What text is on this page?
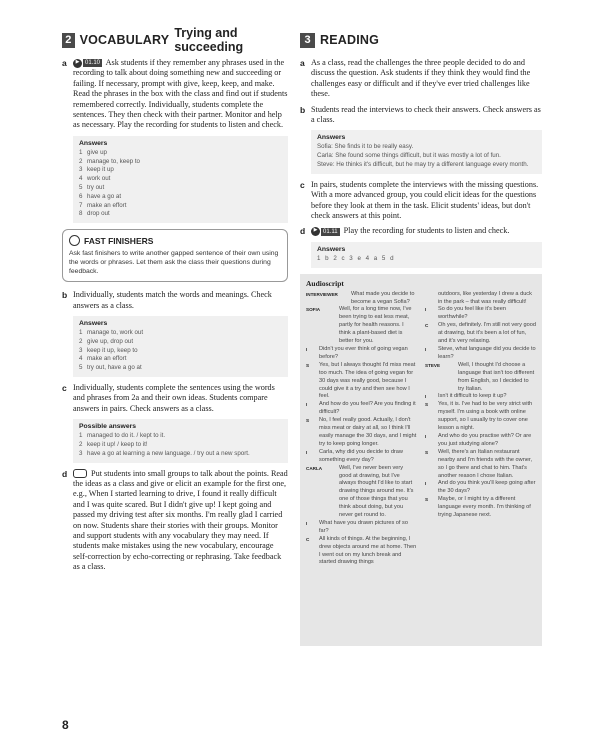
2 VOCABULARY Trying and succeeding
a	▶ 01.10 Ask students if they remember any phrases used in the recording to talk about doing something new and succeeding or failing. If necessary, prompt with give, keep, keep, and make. Read the phrases in the box with the class and find out if students remembered correctly. Individually, students complete the sentences. They then check with their partner. Monitor and help as necessary. Play the recording for students to listen and check.
Answers
1 give up
2 manage to, keep to
3 keep it up
4 work out
5 try out
6 have a go at
7 make an effort
8 drop out
FAST FINISHERS
Ask fast finishers to write another gapped sentence of their own using the words or phrases. Let them ask the class their questions during feedback.
b Individually, students match the words and meanings. Check answers as a class.
Answers
1 manage to, work out
2 give up, drop out
3 keep it up, keep to
4 make an effort
5 try out, have a go at
c Individually, students complete the sentences using the words and phrases from 2a and their own ideas. Students compare answers in pairs. Check answers as a class.
Possible answers
1 managed to do it. / kept to it.
2 keep it up! / keep to it!
3 have a go at learning a new language. / try out a new sport.
d	Put students into small groups to talk about the points. Read the ideas as a class and give or elicit an example for the first one, e.g., When I started learning to drive, I found it really difficult and I was quite scared. But I didn't give up! I kept going and passed my driving test after six months. I'm really glad I carried on now. Students share their stories with their groups. Monitor and support students with any vocabulary they may need. If students make mistakes using the new vocabulary, encourage self-correction by echo-correcting or rephrasing. Take feedback as a class.
3 READING
a As a class, read the challenges the three people decided to do and discuss the question. Ask students if they think they would find the challenges easy or difficult and if they've ever tried challenges like these.
b Students read the interviews to check their answers. Check answers as a class.
Answers
Sofia: She finds it to be really easy.
Carla: She found some things difficult, but it was mostly a lot of fun.
Steve: He thinks it's difficult, but he may try a different language every month.
c In pairs, students complete the interviews with the missing questions. With a more advanced group, you could elicit ideas for the questions before they look at them in the task. Elicit students' ideas, but don't check answers at this point.
d	▶ 01.11 Play the recording for students to listen and check.
Answers
1 b 2 c 3 e 4 a 5 d
Audioscript
INTERVIEWER	What made you decide to become a vegan Sofia?
SOFIA	Well, for a long time now, I've been trying to eat less meat, partly for health reasons. I think a plant-based diet is better for you.
I	Didn't you ever think of going vegan before?
S	Yes, but I always thought I'd miss meat too much. The idea of going vegan for 30 days was really good, because I could give it a try and then see how I feel.
I	And how do you feel? Are you finding it difficult?
S	No, I feel really good. Actually, I don't miss meat or dairy at all, so I think I'll easily manage the 30 days, and I might try to keep going longer.
I	Carla, why did you decide to draw something every day?
CARLA	Well, I've never been very good at drawing, but I've always thought I'd like to start drawing things around me. It's one of those things that you think about doing, but you never get round to.
I	What have you drawn pictures of so far?
C	All kinds of things. At the beginning, I drew objects around me at home. Then I went out on my lunch break and started drawing things
outdoors, like yesterday I drew a duck in the park – that was really difficult!
I	So do you feel like it's been worthwhile?
C	Oh yes, definitely. I'm still not very good at drawing, but it's been a lot of fun, and it's very relaxing.
I	Steve, what language did you decide to learn?
STEVE	Well, I thought I'd choose a language that isn't too different from English, so I decided to try Italian.
I	Isn't it difficult to keep it up?
S	Yes, it is. I've had to be very strict with myself. I'm using a book with online support, so I usually try to cover one lesson a night.
I	And who do you practise with? Or are you just studying alone?
S	Well, there's an Italian restaurant nearby and I'm friends with the owner, so I go there and chat to him. That's another reason I chose Italian.
I	And do you think you'll keep going after the 30 days?
S	Maybe, or I might try a different language every month. I'm thinking of trying Japanese next.
8
